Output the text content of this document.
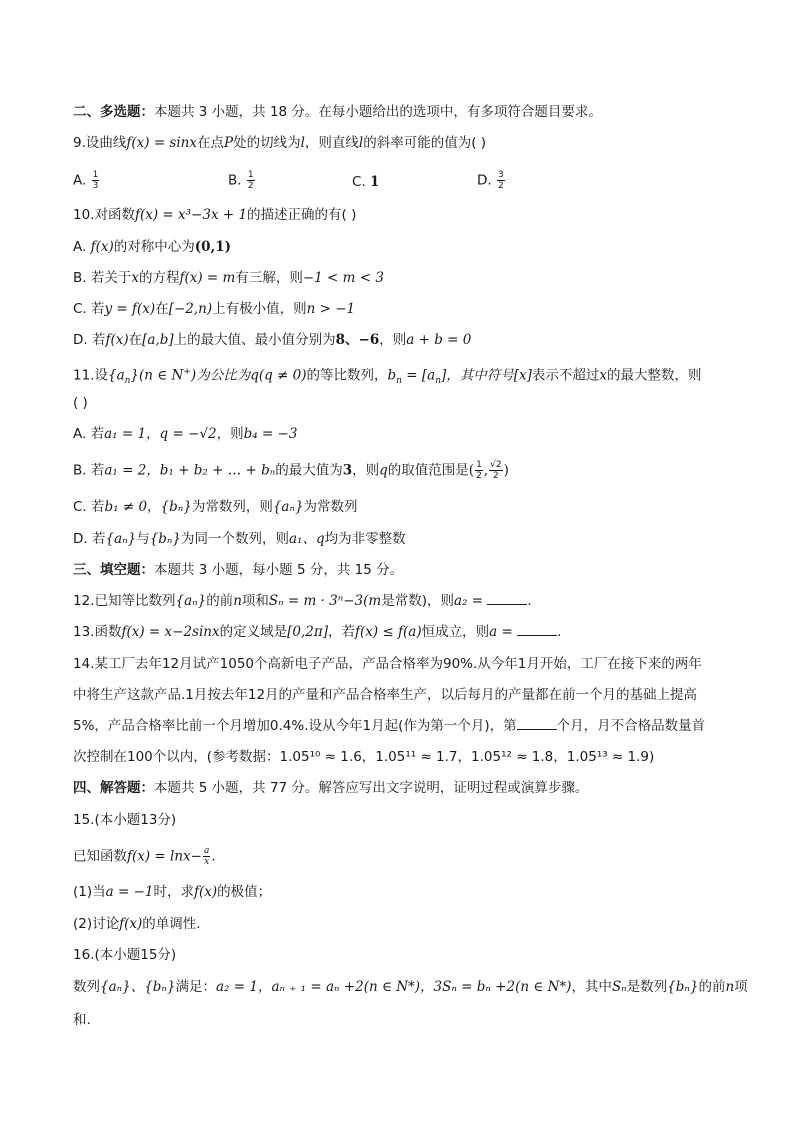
二、多选题：本题共 3 小题，共 18 分。在每小题给出的选项中，有多项符合题目要求。
9.设曲线f(x) = sinx在点P处的切线为l，则直线l的斜率可能的值为( )
A. $\frac{1}{3}$	B. $\frac{1}{2}$	C. 1	D. $\frac{3}{2}$
10.对函数f(x) = x³−3x + 1的描述正确的有( )
A. f(x)的对称中心为(0,1)
B. 若关于x的方程f(x) = m有三解，则−1 < m < 3
C. 若y = f(x)在[−2,n)上有极小值，则n > −1
D. 若f(x)在[a,b]上的最大值、最小值分别为8、−6，则a + b = 0
11.设$\{a_n\}(n$ ∈ N+)为公比为q(q ≠ 0)的等比数列，$b_n = [a_n]$，其中符号[x]表示不超过x的最大整数，则
( )
A. 若a₁ = 1，q = −√2，则b₄ = −3
B. 若a₁ = 2，b₁ + b₂ + … + bₙ的最大值为3，则q的取值范围是( $\frac{1}{2}$ , $\frac{√2}{2}$ )
C. 若b₁ ≠ 0，{bₙ}为常数列，则{aₙ}为常数列
D. 若{aₙ}与{bₙ}为同一个数列，则a₁、q均为非零整数
三、填空题：本题共 3 小题，每小题 5 分，共 15 分。
12.已知等比数列{aₙ}的前n项和Sₙ = m · 3ⁿ−3(m是常数)，则a₂ =	.
13.函数f(x) = x−2sinx的定义域是[0,2π]，若f(x) ≤ f(a)恒成立，则a =	.
14.某工厂去年12月试产1050个高新电子产品，产品合格率为90%.从今年1月开始，工厂在接下来的两年
中将生产这款产品.1月按去年12月的产量和产品合格率生产，以后每月的产量都在前一个月的基础上提高
5%，产品合格率比前一个月增加0.4%.设从今年1月起(作为第一个月)，第	个月，月不合格品数量首
次控制在100个以内，(参考数据：1.05¹⁰ ≈ 1.6，1.05¹¹ ≈ 1.7，1.05¹² ≈ 1.8，1.05¹³ ≈ 1.9)
四、解答题：本题共 5 小题，共 77 分。解答应写出文字说明，证明过程或演算步骤。
15.(本小题13分)
已知函数$f(x) = \ln x- \frac{a}{x}$ .
(1)当a = −1时，求f(x)的极值；
(2)讨论f(x)的单调性.
16.(本小题15分)
数列{aₙ}、{bₙ}满足：a₂ = 1，aₙ ₊ ₁ = aₙ +2(n ∈ N*)，3Sₙ = bₙ +2(n ∈ N*)，其中Sₙ是数列{bₙ}的前n项
和.
